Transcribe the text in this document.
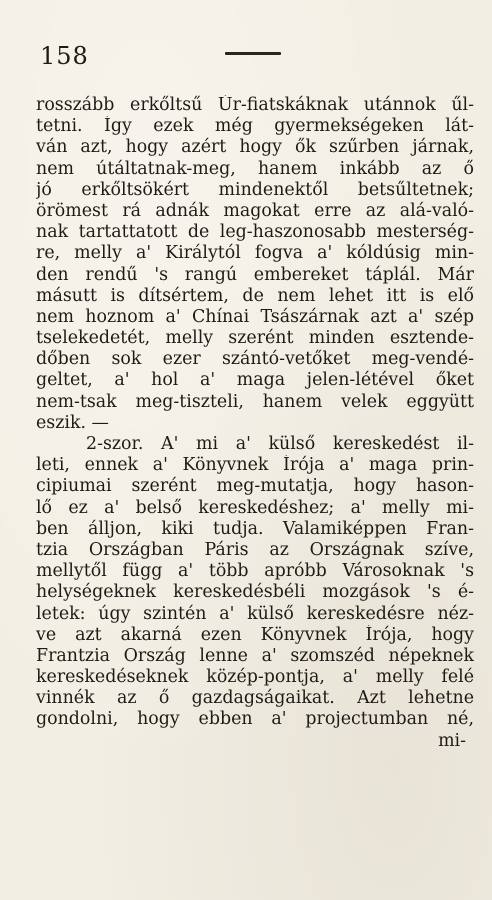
158
rosszább erkőltsű Úr-fiatskáknak utánnok űl-
tetni. Így ezek még gyermekségeken lát-
ván azt, hogy azért hogy ők szűrben járnak,
nem útáltatnak-meg, hanem inkább az ő
jó erkőltsökért mindenektől betsűltetnek;
örömest rá adnák magokat erre az alá-való-
nak tartattatott de leg-haszonosabb mesterség-
re, melly a' Királytól fogva a' kóldúsig min-
den rendű 's rangú embereket táplál. Már
másutt is dítsértem, de nem lehet itt is elő
nem hoznom a' Chínai Tsászárnak azt a' szép
tselekedetét, melly szerént minden esztende-
dőben sok ezer szántó-vetőket meg-vendé-
geltet, a' hol a' maga jelen-létével őket
nem-tsak meg-tiszteli, hanem velek eggyütt
eszik. —
2-szor. A' mi a' külső kereskedést il-
leti, ennek a' Könyvnek Írója a' maga prin-
cipiumai szerént meg-mutatja, hogy hason-
lő ez a' belső kereskedéshez; a' melly mi-
ben álljon, kiki tudja. Valamiképpen Fran-
tzia Országban Páris az Országnak szíve,
mellytől függ a' több apróbb Városoknak 's
helységeknek kereskedésbéli mozgások 's é-
letek: úgy szintén a' külső kereskedésre néz-
ve azt akarná ezen Könyvnek Írója, hogy
Frantzia Ország lenne a' szomszéd népeknek
kereskedéseknek közép-pontja, a' melly felé
vinnék az ő gazdagságaikat. Azt lehetne
gondolni, hogy ebben a' projectumban né,
mi-
